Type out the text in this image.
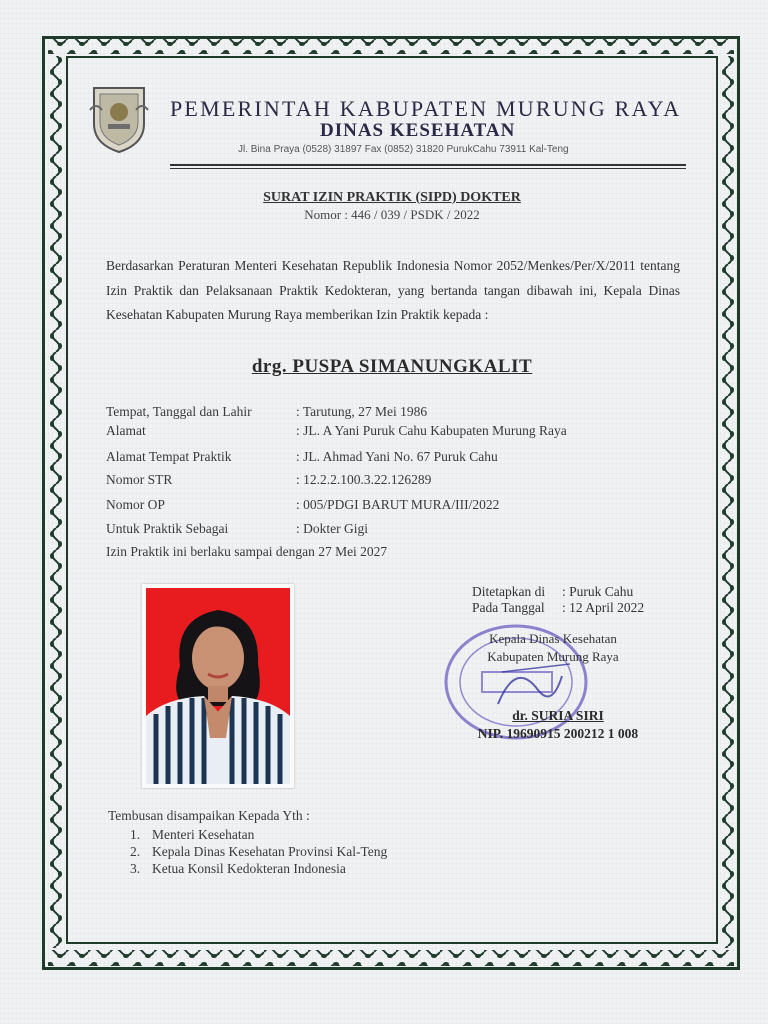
PEMERINTAH KABUPATEN MURUNG RAYA
DINAS KESEHATAN
Jl. Bina Praya (0528) 31897 Fax (0852) 31820 PurukCahu 73911 Kal-Teng
SURAT IZIN PRAKTIK (SIPD) DOKTER
Nomor : 446 / 039 / PSDK / 2022
Berdasarkan Peraturan Menteri Kesehatan Republik Indonesia Nomor 2052/Menkes/Per/X/2011 tentang Izin Praktik dan Pelaksanaan Praktik Kedokteran, yang bertanda tangan dibawah ini, Kepala Dinas Kesehatan Kabupaten Murung Raya memberikan Izin Praktik kepada :
drg. PUSPA SIMANUNGKALIT
Tempat, Tanggal dan Lahir	: Tarutung, 27 Mei 1986
Alamat	: JL. A Yani Puruk Cahu Kabupaten Murung Raya
Alamat Tempat Praktik	: JL. Ahmad Yani No. 67 Puruk Cahu
Nomor STR	: 12.2.2.100.3.22.126289
Nomor OP	: 005/PDGI BARUT MURA/III/2022
Untuk Praktik Sebagai	: Dokter Gigi
Izin Praktik ini berlaku sampai dengan 27 Mei 2027
Ditetapkan di : Puruk Cahu
Pada Tanggal : 12 April 2022
Kepala Dinas Kesehatan
Kabupaten Murung Raya
dr. SURIA SIRI
NIP. 19690915 200212 1 008
Tembusan disampaikan Kepada Yth :
1. Menteri Kesehatan
2. Kepala Dinas Kesehatan Provinsi Kal-Teng
3. Ketua Konsil Kedokteran Indonesia
